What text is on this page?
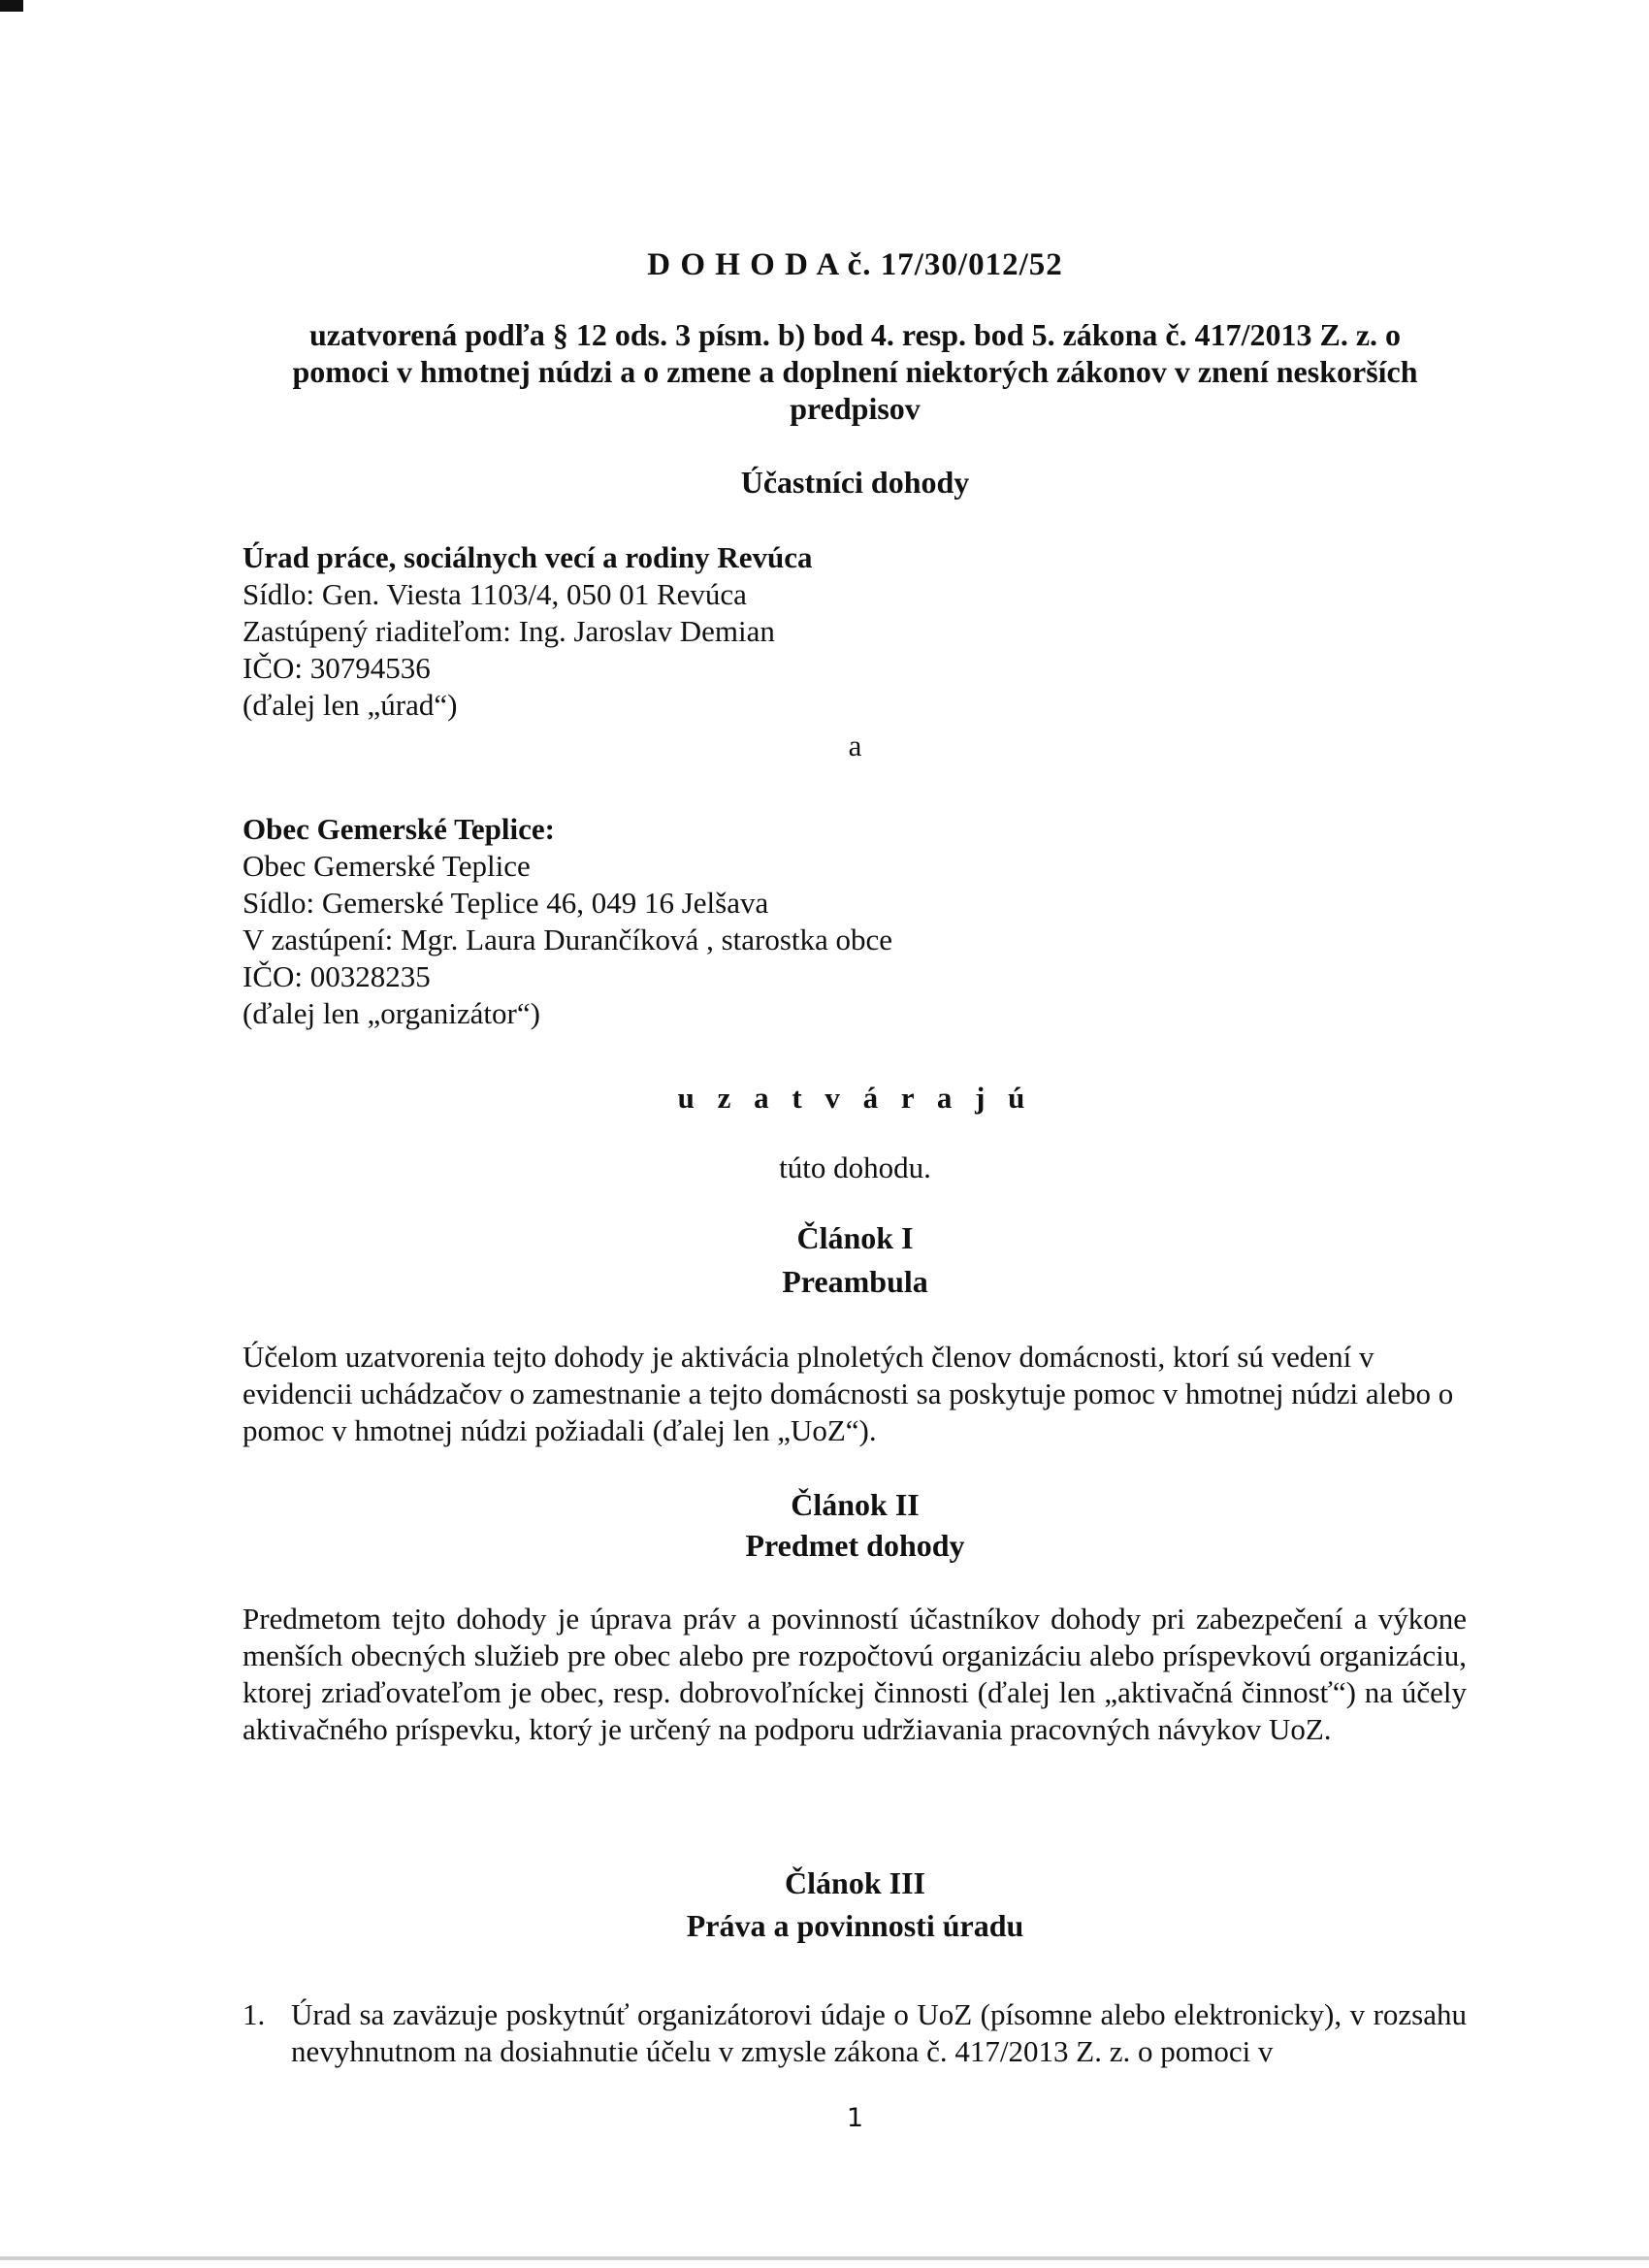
D O H O D A č. 17/30/012/52
uzatvorená podľa § 12 ods. 3 písm. b) bod 4. resp. bod 5. zákona č. 417/2013 Z. z. o
pomoci v hmotnej núdzi a o zmene a doplnení niektorých zákonov v znení neskorších
predpisov
Účastníci dohody
Úrad práce, sociálnych vecí a rodiny Revúca
Sídlo: Gen. Viesta 1103/4, 050 01 Revúca
Zastúpený riaditeľom: Ing. Jaroslav Demian
IČO: 30794536
(ďalej len „úrad“)
a
Obec Gemerské Teplice:
Obec Gemerské Teplice
Sídlo: Gemerské Teplice 46, 049 16 Jelšava
V zastúpení: Mgr. Laura Durančíková , starostka obce
IČO: 00328235
(ďalej len „organizátor“)
u z a t v á r a j ú
túto dohodu.
Článok I
Preambula
Účelom uzatvorenia tejto dohody je aktivácia plnoletých členov domácnosti, ktorí sú vedení v evidencii uchádzačov o zamestnanie a tejto domácnosti sa poskytuje pomoc v hmotnej núdzi alebo o pomoc v hmotnej núdzi požiadali (ďalej len „UoZ“).
Článok II
Predmet dohody
Predmetom tejto dohody je úprava práv a povinností účastníkov dohody pri zabezpečení a výkone menších obecných služieb pre obec alebo pre rozpočtovú organizáciu alebo príspevkovú organizáciu, ktorej zriaďovateľom je obec, resp. dobrovoľníckej činnosti (ďalej len „aktivačná činnosť“) na účely aktivačného príspevku, ktorý je určený na podporu udržiavania pracovných návykov UoZ.
Článok III
Práva a povinnosti úradu
1. Úrad sa zaväzuje poskytnúť organizátorovi údaje o UoZ (písomne alebo elektronicky), v rozsahu nevyhnutnom na dosiahnutie účelu v zmysle zákona č. 417/2013 Z. z. o pomoci v
1
